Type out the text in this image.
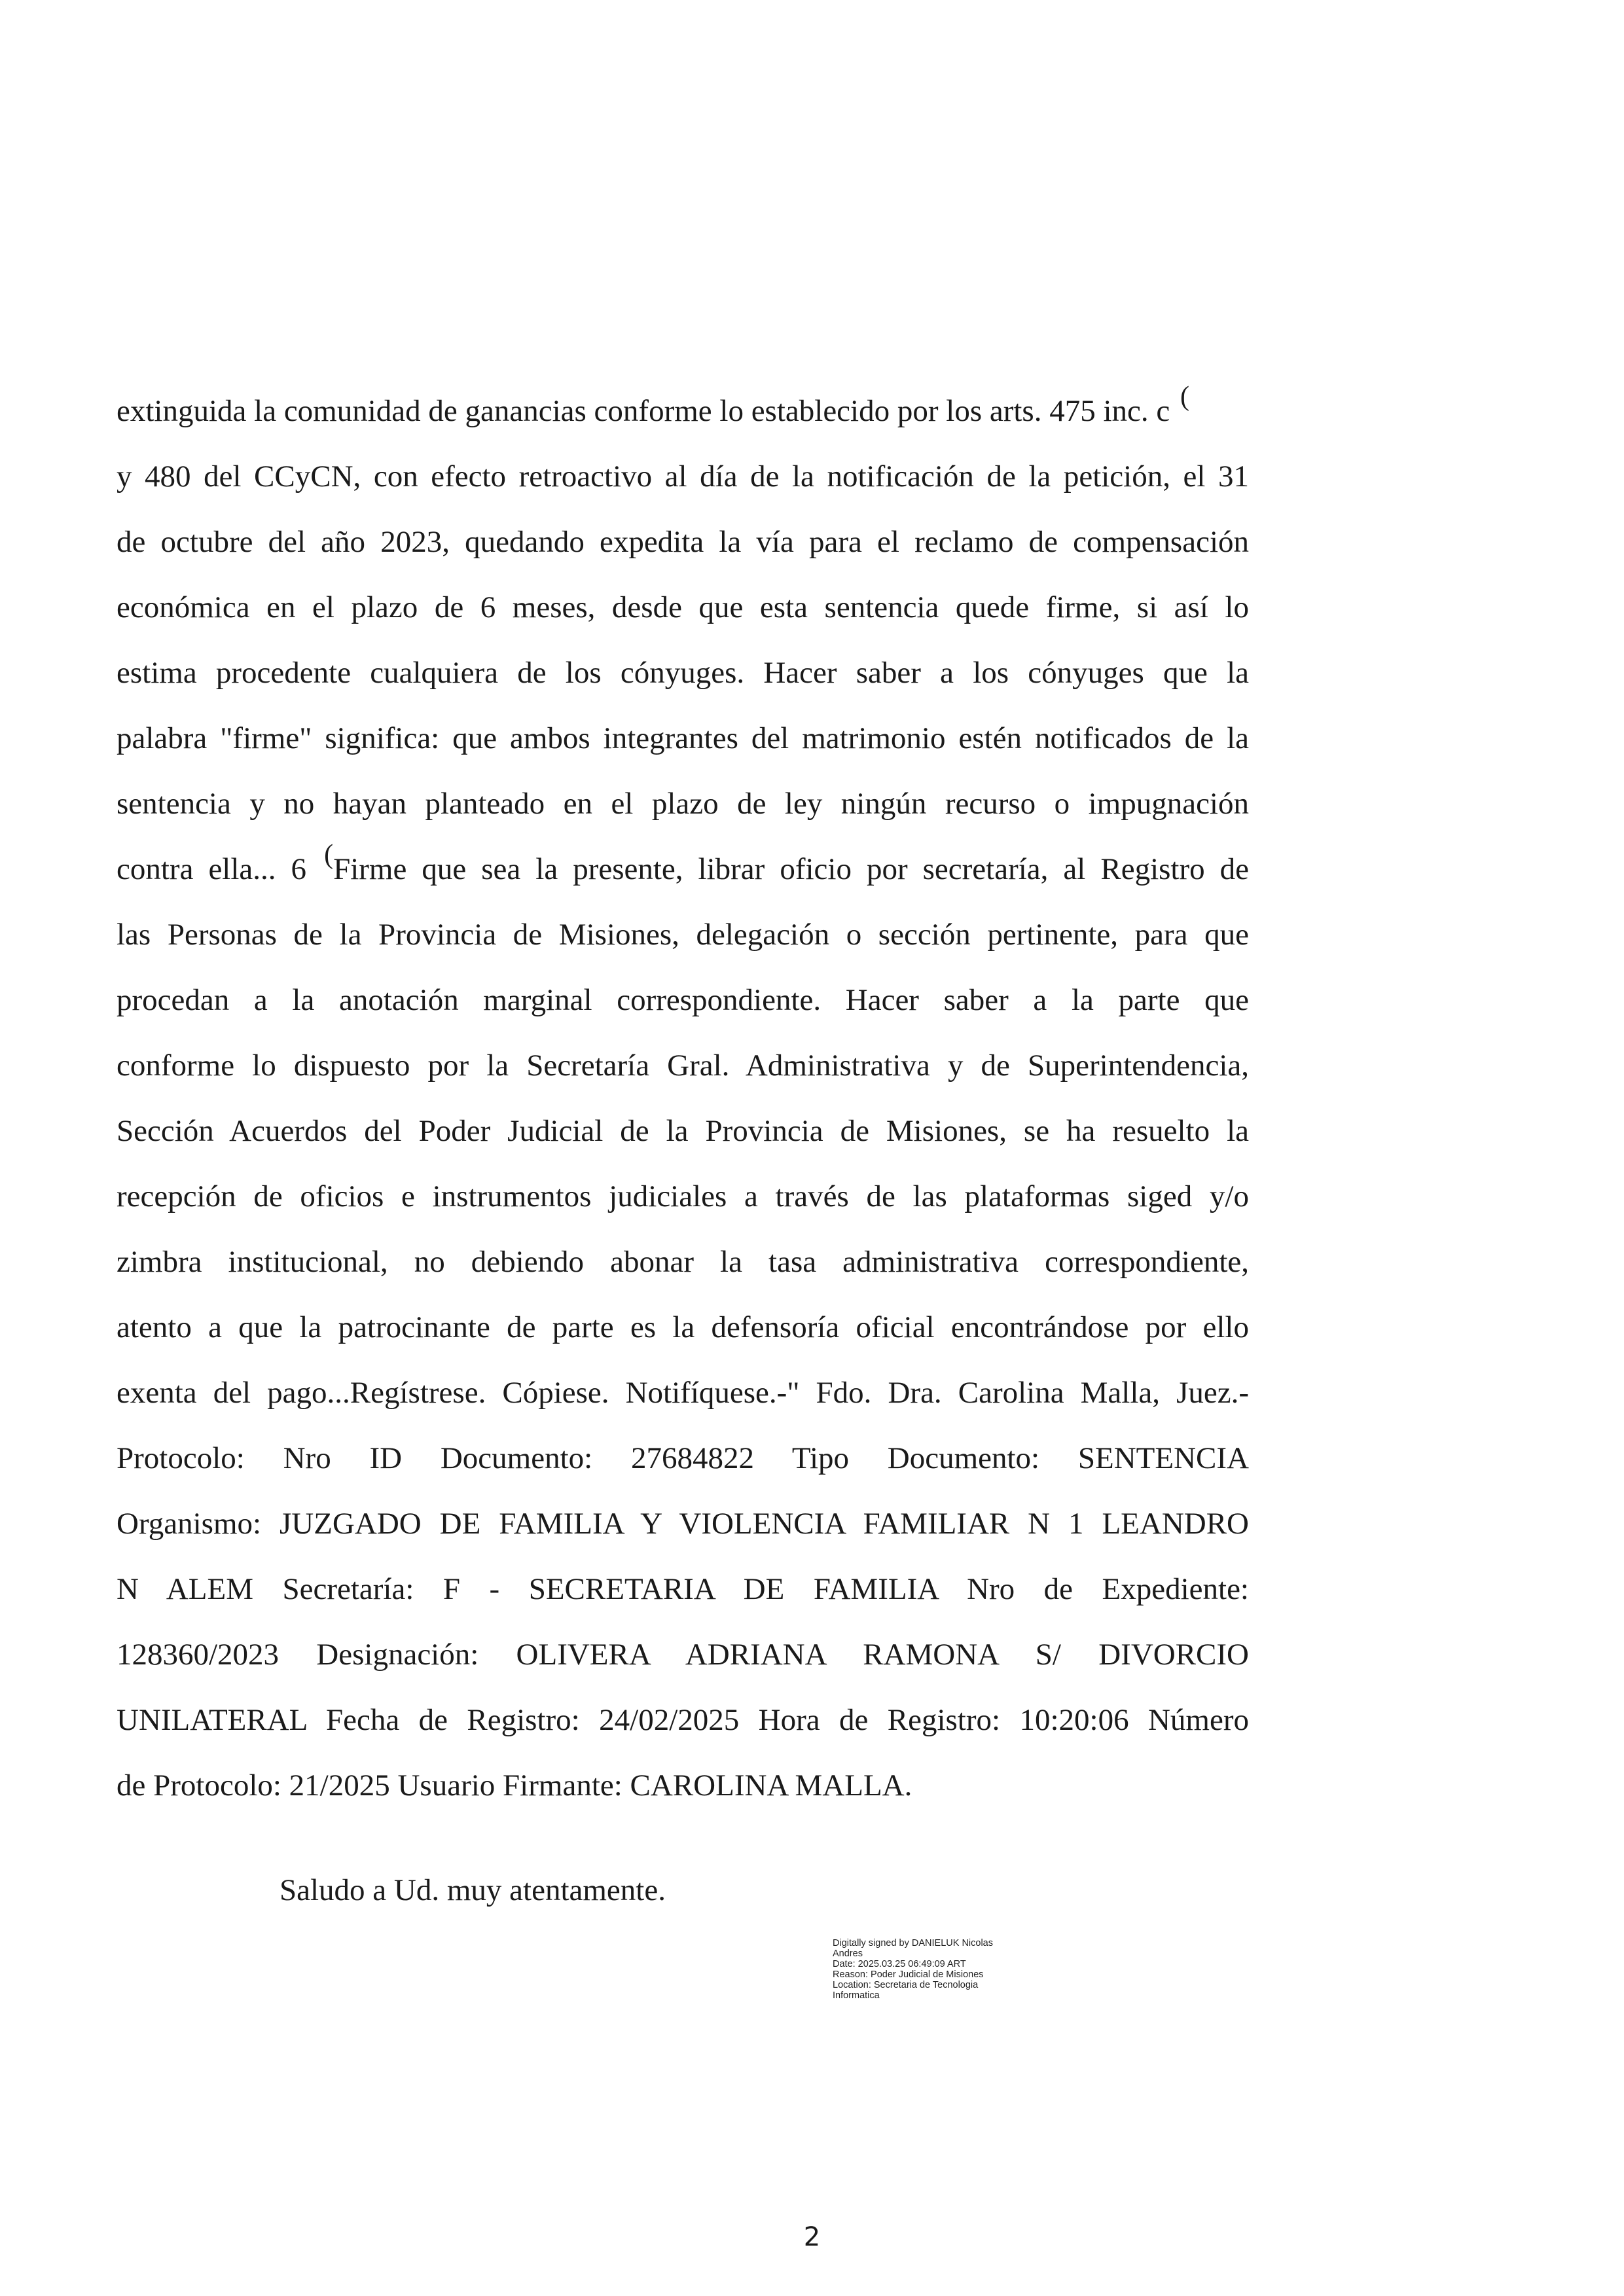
extinguida la comunidad de ganancias conforme lo establecido por los arts. 475 inc. c (
y 480 del CCyCN, con efecto retroactivo al día de la notificación de la petición, el 31
de octubre del año 2023, quedando expedita la vía para el reclamo de compensación
económica en el plazo de 6 meses, desde que esta sentencia quede firme, si así lo
estima procedente cualquiera de los cónyuges. Hacer saber a los cónyuges que la
palabra "firme" significa: que ambos integrantes del matrimonio estén notificados de la
sentencia y no hayan planteado en el plazo de ley ningún recurso o impugnación
contra ella... 6 (Firme que sea la presente, librar oficio por secretaría, al Registro de
las Personas de la Provincia de Misiones, delegación o sección pertinente, para que
procedan a la anotación marginal correspondiente. Hacer saber a la parte que
conforme lo dispuesto por la Secretaría Gral. Administrativa y de Superintendencia,
Sección Acuerdos del Poder Judicial de la Provincia de Misiones, se ha resuelto la
recepción de oficios e instrumentos judiciales a través de las plataformas siged y/o
zimbra institucional, no debiendo abonar la tasa administrativa correspondiente,
atento a que la patrocinante de parte es la defensoría oficial encontrándose por ello
exenta del pago...Regístrese. Cópiese. Notifíquese.-" Fdo. Dra. Carolina Malla, Juez.-
Protocolo: Nro ID Documento: 27684822 Tipo Documento: SENTENCIA
Organismo: JUZGADO DE FAMILIA Y VIOLENCIA FAMILIAR N 1 LEANDRO
N ALEM Secretaría: F - SECRETARIA DE FAMILIA Nro de Expediente:
128360/2023 Designación: OLIVERA ADRIANA RAMONA S/ DIVORCIO
UNILATERAL Fecha de Registro: 24/02/2025 Hora de Registro: 10:20:06 Número
de Protocolo: 21/2025 Usuario Firmante: CAROLINA MALLA.

Saludo a Ud. muy atentamente.

Digitally signed by DANIELUK Nicolas
Andres
Date: 2025.03.25 06:49:09 ART
Reason: Poder Judicial de Misiones
Location: Secretaria de Tecnologia
Informatica
2
